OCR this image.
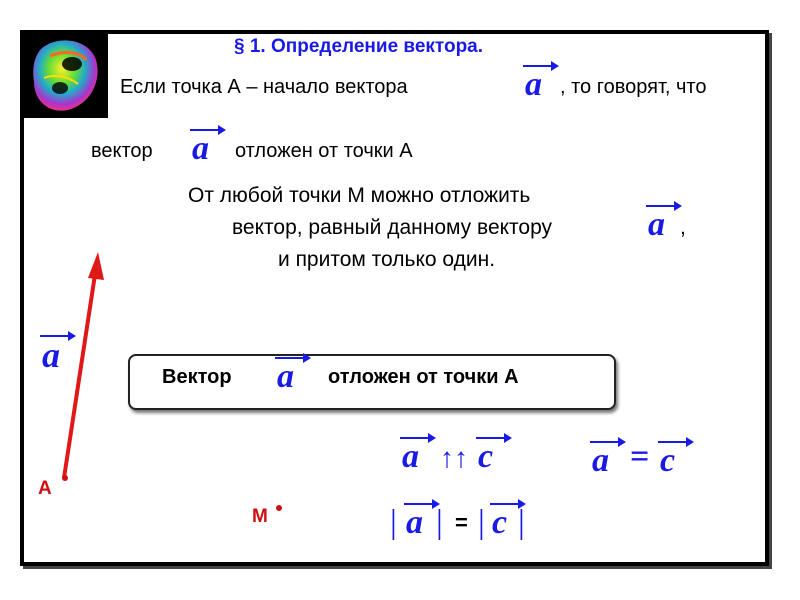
§ 1. Определение вектора.
Если точка А – начало вектора	a , то говорят, что
вектор a отложен от точки А
От любой точки М можно отложить
вектор, равный данному вектору	a ,
и притом только один.
Вектор a отложен от точки А
a
A
M
a ↑↑ c	a = c
| a | = | c |
